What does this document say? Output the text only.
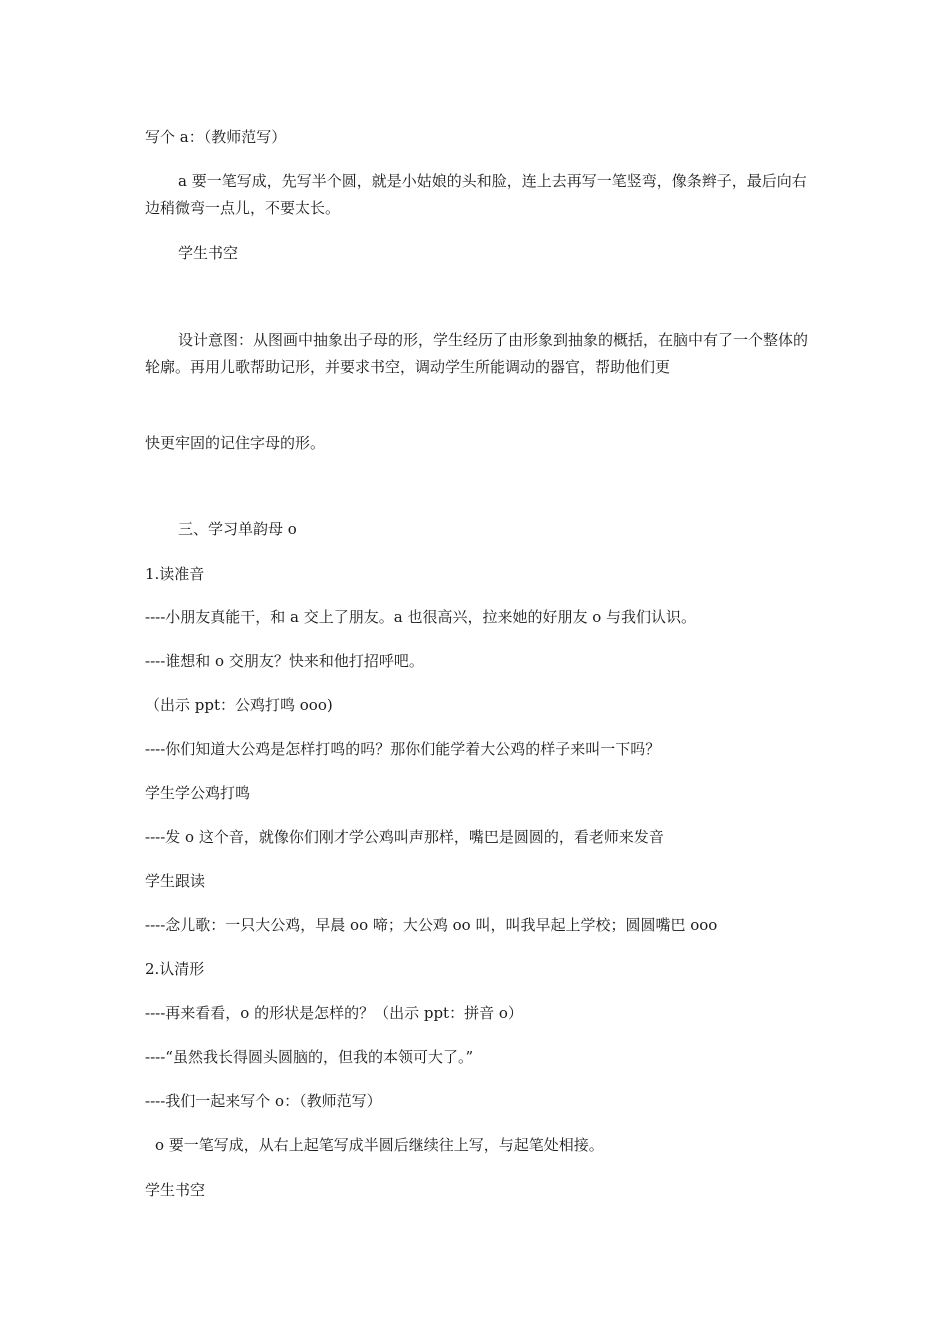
写个 a：（教师范写）

a 要一笔写成，先写半个圆，就是小姑娘的头和脸，连上去再写一笔竖弯，像条辫子，最后向右边稍微弯一点儿，不要太长。

学生书空

设计意图：从图画中抽象出子母的形，学生经历了由形象到抽象的概括，在脑中有了一个整体的轮廓。再用儿歌帮助记形，并要求书空，调动学生所能调动的器官，帮助他们更

快更牢固的记住字母的形。

三、学习单韵母 o

1.读准音

----小朋友真能干，和 a 交上了朋友。a 也很高兴，拉来她的好朋友 o 与我们认识。

----谁想和 o 交朋友？快来和他打招呼吧。

（出示 ppt：公鸡打鸣 ooo)

----你们知道大公鸡是怎样打鸣的吗？那你们能学着大公鸡的样子来叫一下吗？

学生学公鸡打鸣

----发 o 这个音，就像你们刚才学公鸡叫声那样，嘴巴是圆圆的，看老师来发音

学生跟读

----念儿歌：一只大公鸡，早晨 oo 啼；大公鸡 oo 叫，叫我早起上学校；圆圆嘴巴 ooo

2.认清形

----再来看看，o 的形状是怎样的？（出示 ppt：拼音 o）

----“虽然我长得圆头圆脑的，但我的本领可大了。”

----我们一起来写个 o：（教师范写）

o 要一笔写成，从右上起笔写成半圆后继续往上写，与起笔处相接。

学生书空
